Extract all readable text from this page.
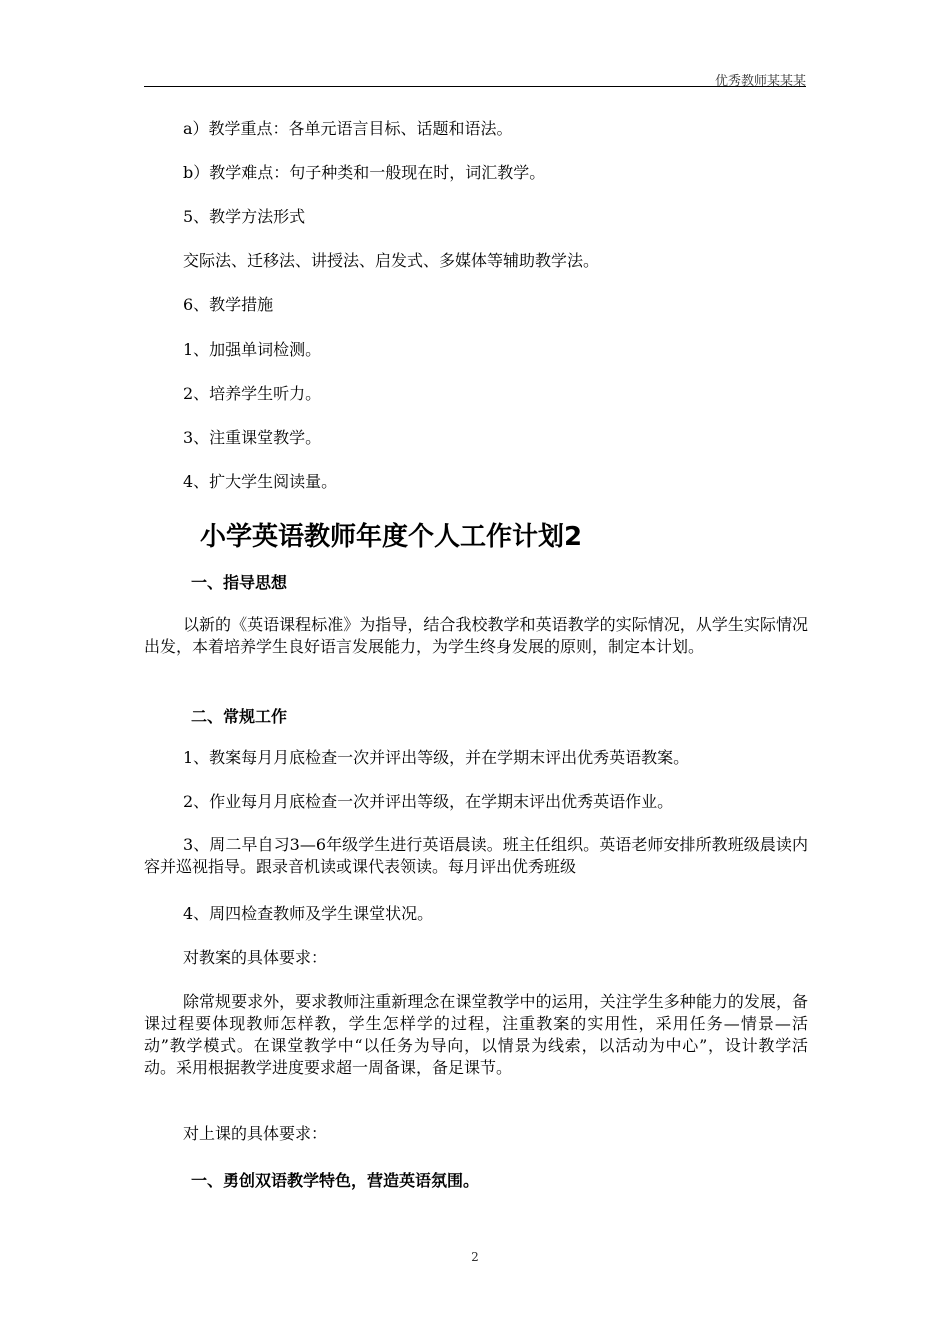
优秀教师某某某
a）教学重点：各单元语言目标、话题和语法。
b）教学难点：句子种类和一般现在时，词汇教学。
5、教学方法形式
交际法、迁移法、讲授法、启发式、多媒体等辅助教学法。
6、教学措施
1、加强单词检测。
2、培养学生听力。
3、注重课堂教学。
4、扩大学生阅读量。
小学英语教师年度个人工作计划2
一、指导思想
以新的《英语课程标准》为指导，结合我校教学和英语教学的实际情况，从学生实际情况出发，本着培养学生良好语言发展能力，为学生终身发展的原则，制定本计划。
二、常规工作
1、教案每月月底检查一次并评出等级，并在学期末评出优秀英语教案。
2、作业每月月底检查一次并评出等级，在学期末评出优秀英语作业。
3、周二早自习3—6年级学生进行英语晨读。班主任组织。英语老师安排所教班级晨读内容并巡视指导。跟录音机读或课代表领读。每月评出优秀班级
4、周四检查教师及学生课堂状况。
对教案的具体要求：
除常规要求外，要求教师注重新理念在课堂教学中的运用，关注学生多种能力的发展，备课过程要体现教师怎样教，学生怎样学的过程，注重教案的实用性，采用任务—情景—活动”教学模式。在课堂教学中“以任务为导向，以情景为线索，以活动为中心”，设计教学活动。采用根据教学进度要求超一周备课，备足课节。
对上课的具体要求：
一、勇创双语教学特色，营造英语氛围。
2
